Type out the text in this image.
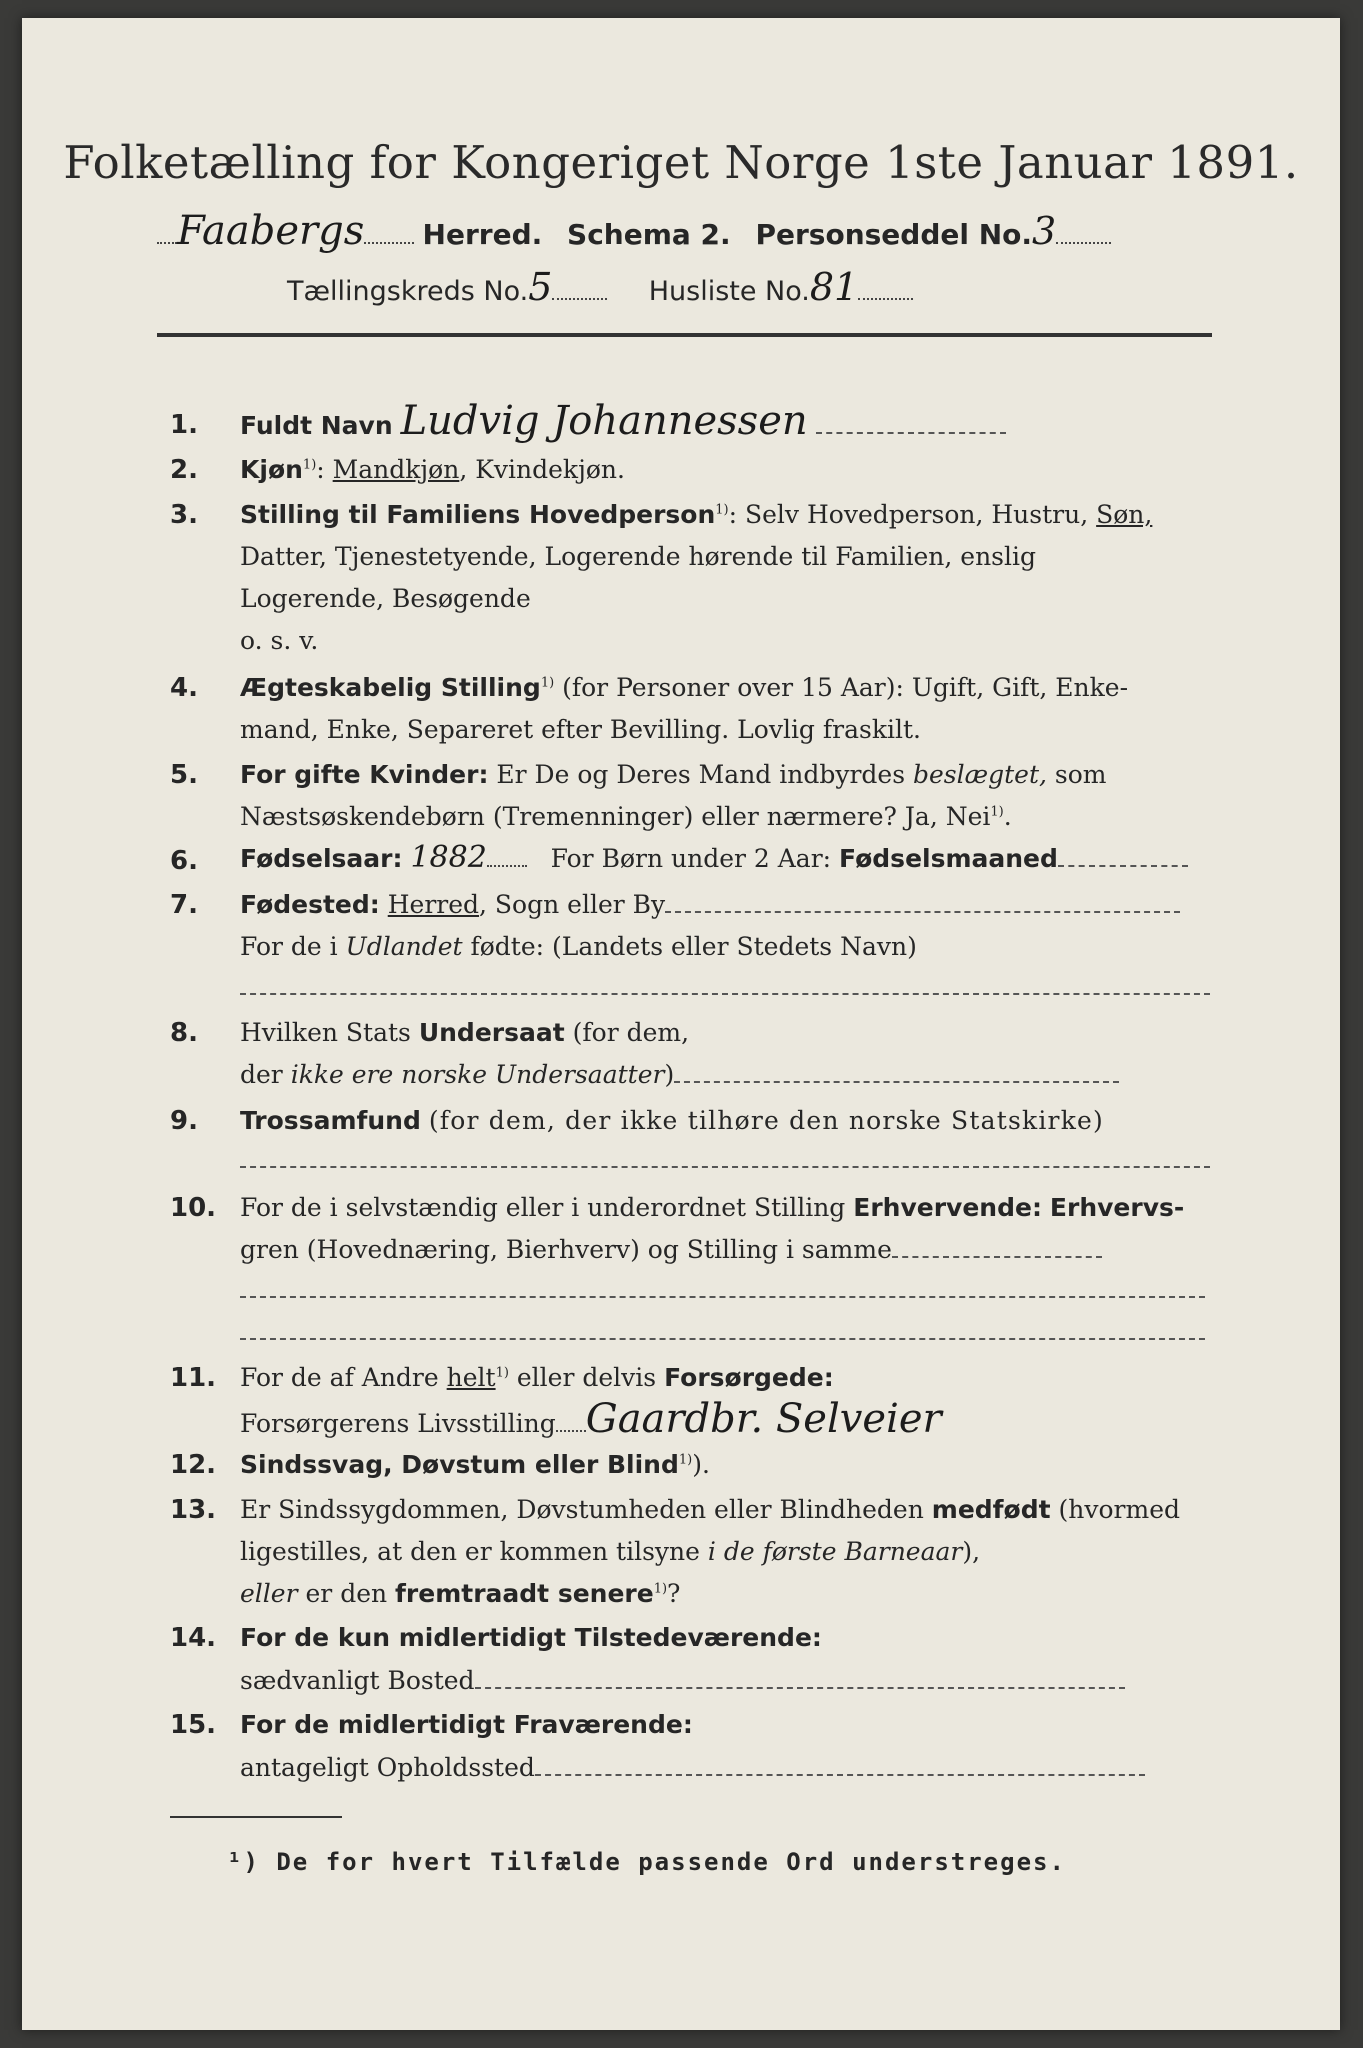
Folketælling for Kongeriget Norge 1ste Januar 1891.
Faabergs Herred. Schema 2. Personseddel No.3
Tællingskreds No.5	Husliste No.81
1. Fuldt Navn Ludvig Johannessen
2. Kjøn$^{1)}$: Mandkjøn, Kvindekjøn.
3. Stilling til Familiens Hovedperson$^{1)}$: Selv Hovedperson, Hustru, Søn,
Datter, Tjenestetyende, Logerende hørende til Familien, enslig
Logerende, Besøgende
o. s. v.
4. Ægteskabelig Stilling$^{1)}$ (for Personer over 15 Aar): Ugift, Gift, Enke-
mand, Enke, Separeret efter Bevilling. Lovlig fraskilt.
5. For gifte Kvinder: Er De og Deres Mand indbyrdes beslægtet, som
Næstsøskendebørn (Tremenninger) eller nærmere? Ja, Nei$^{1)}$.
6. Fødselsaar: 1882	For Børn under 2 Aar: Fødselsmaaned
7. Fødested: Herred, Sogn eller By
For de i Udlandet fødte: (Landets eller Stedets Navn)
8. Hvilken Stats Undersaat (for dem,
der ikke ere norske Undersaatter)
9. Trossamfund (for dem, der ikke tilhøre den norske Statskirke)
10. For de i selvstændig eller i underordnet Stilling Erhvervende: Erhvervs-
gren (Hovednæring, Bierhverv) og Stilling i samme
11. For de af Andre helt$^{1)}$ eller delvis Forsørgede:
Forsørgerens Livsstilling Gaardbr. Selveier
12. Sindssvag, Døvstum eller Blind$^{1)}$).
13. Er Sindssygdommen, Døvstumheden eller Blindheden medfødt (hvormed
ligestilles, at den er kommen tilsyne i de første Barneaar),
eller er den fremtraadt senere$^{1)}$?
14. For de kun midlertidigt Tilstedeværende:
sædvanligt Bosted
15. For de midlertidigt Fraværende:
antageligt Opholdssted
¹) De for hvert Tilfælde passende Ord understreges.
